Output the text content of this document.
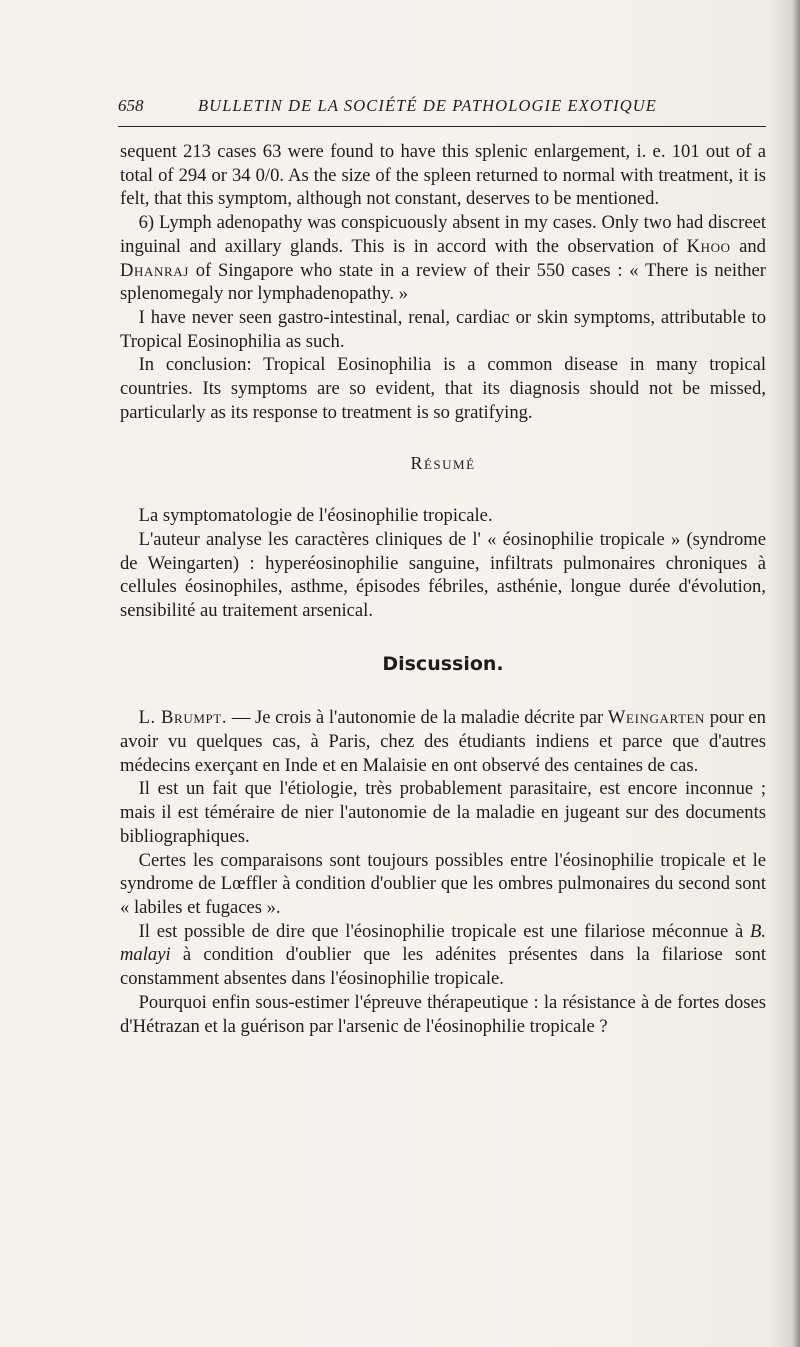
658	BULLETIN DE LA SOCIÉTÉ DE PATHOLOGIE EXOTIQUE

sequent 213 cases 63 were found to have this splenic enlargement, i. e. 101 out of a total of 294 or 34 0/0. As the size of the spleen returned to normal with treatment, it is felt, that this symptom, although not constant, deserves to be mentioned.

 6) Lymph adenopathy was conspicuously absent in my cases. Only two had discreet inguinal and axillary glands. This is in accord with the observation of Khoo and Dhanraj of Singapore who state in a review of their 550 cases : « There is neither splenomegaly nor lymphadenopathy. »

 I have never seen gastro-intestinal, renal, cardiac or skin symptoms, attributable to Tropical Eosinophilia as such.

 In conclusion: Tropical Eosinophilia is a common disease in many tropical countries. Its symptoms are so evident, that its diagnosis should not be missed, particularly as its response to treatment is so gratifying.

Résumé

 La symptomatologie de l'éosinophilie tropicale.

 L'auteur analyse les caractères cliniques de l' « éosinophilie tropicale » (syndrome de Weingarten) : hyperéosinophilie sanguine, infiltrats pulmonaires chroniques à cellules éosinophiles, asthme, épisodes fébriles, asthénie, longue durée d'évolution, sensibilité au traitement arsenical.

Discussion.

 L. Brumpt. — Je crois à l'autonomie de la maladie décrite par Weingarten pour en avoir vu quelques cas, à Paris, chez des étudiants indiens et parce que d'autres médecins exerçant en Inde et en Malaisie en ont observé des centaines de cas.

 Il est un fait que l'étiologie, très probablement parasitaire, est encore inconnue ; mais il est téméraire de nier l'autonomie de la maladie en jugeant sur des documents bibliographiques.

 Certes les comparaisons sont toujours possibles entre l'éosinophilie tropicale et le syndrome de Lœffler à condition d'oublier que les ombres pulmonaires du second sont « labiles et fugaces ».

 Il est possible de dire que l'éosinophilie tropicale est une filariose méconnue à B. malayi à condition d'oublier que les adénites présentes dans la filariose sont constamment absentes dans l'éosinophilie tropicale.

 Pourquoi enfin sous-estimer l'épreuve thérapeutique : la résistance à de fortes doses d'Hétrazan et la guérison par l'arsenic de l'éosinophilie tropicale ?
